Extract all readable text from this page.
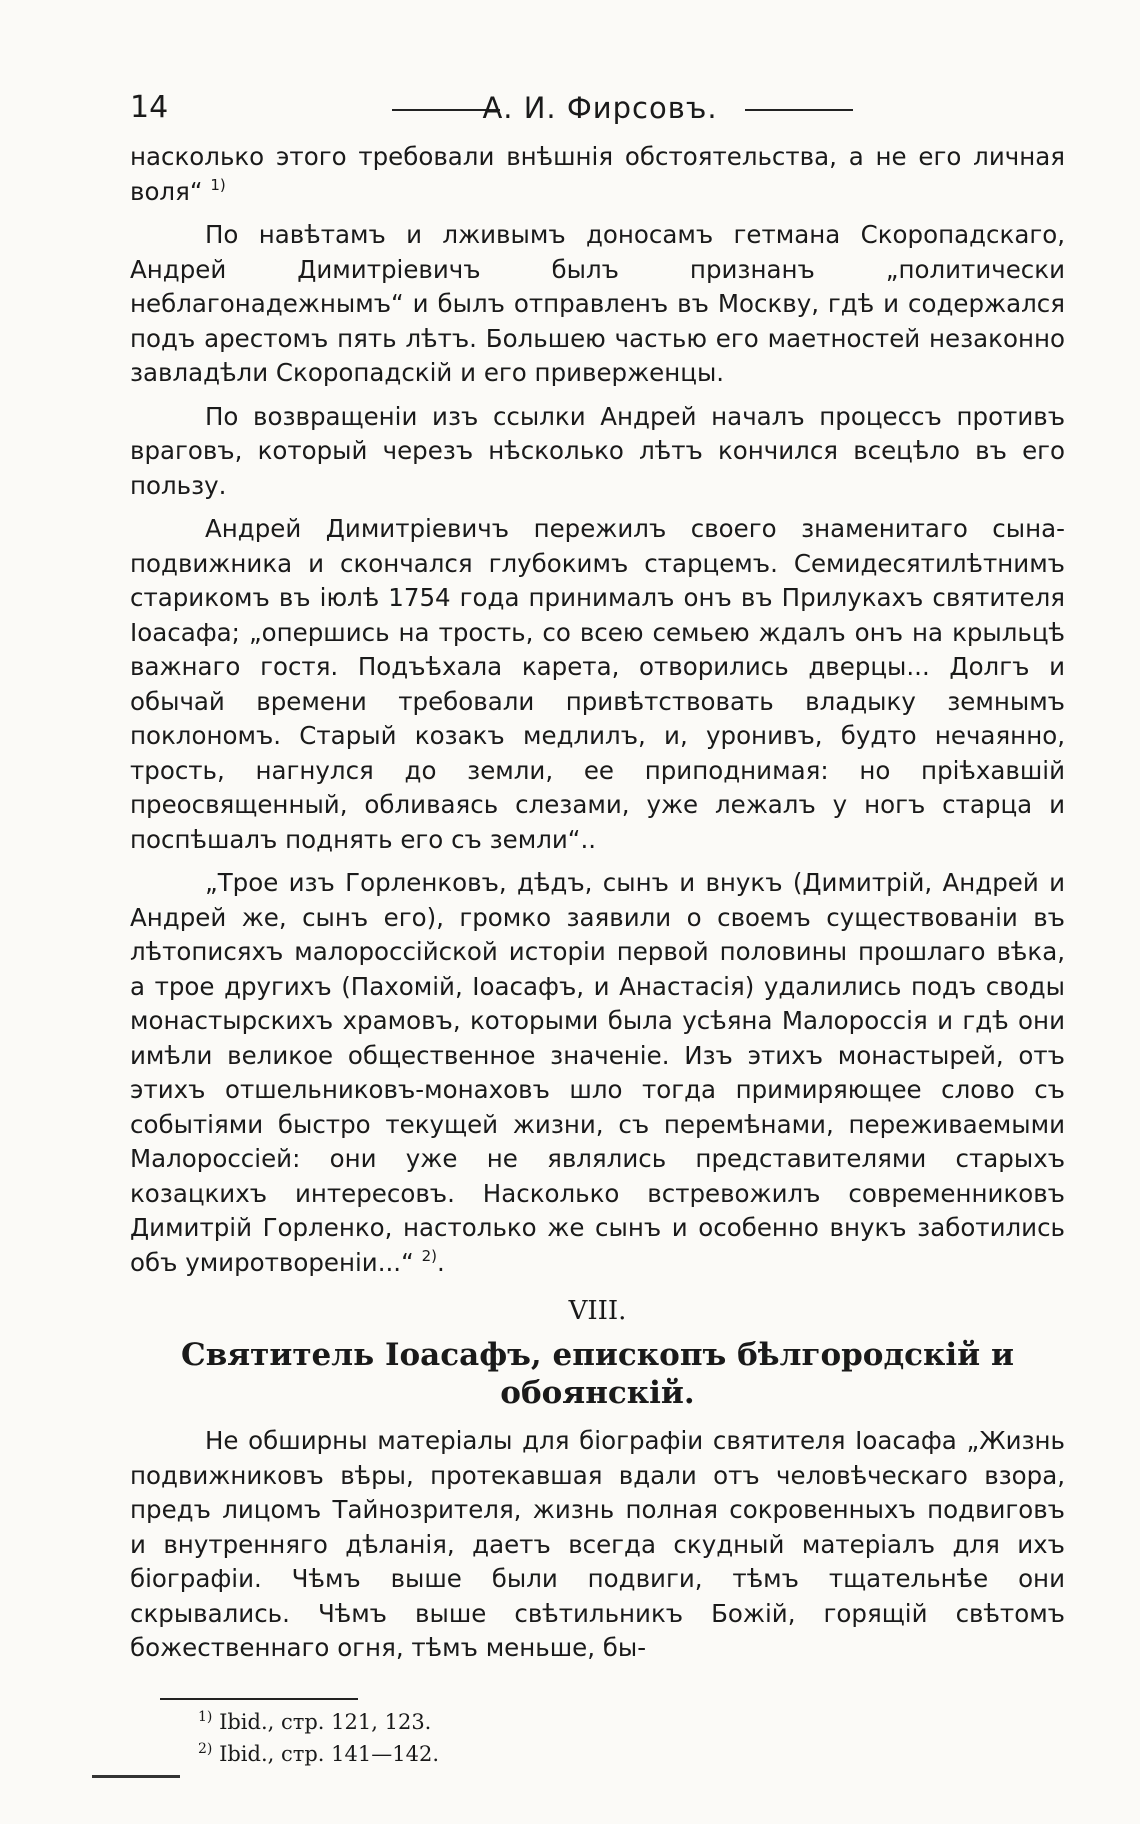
14	А. И. Фирсовъ.

насколько этого требовали внѣшнія обстоятельства, а не его личная воля“ $^{1)}$

По навѣтамъ и лживымъ доносамъ гетмана Скоропадскаго, Андрей Димитріевичъ былъ признанъ „политически неблагонадежнымъ“ и былъ отправленъ въ Москву, гдѣ и содержался подъ арестомъ пять лѣтъ. Большею частью его маетностей незаконно завладѣли Скоропадскій и его приверженцы.

По возвращеніи изъ ссылки Андрей началъ процессъ противъ враговъ, который черезъ нѣсколько лѣтъ кончился всецѣло въ его пользу.

Андрей Димитріевичъ пережилъ своего знаменитаго сына-подвижника и скончался глубокимъ старцемъ. Семидесятилѣтнимъ старикомъ въ іюлѣ 1754 года принималъ онъ въ Прилукахъ святителя Іоасафа; „опершись на трость, со всею семьею ждалъ онъ на крыльцѣ важнаго гостя. Подъѣхала карета, отворились дверцы... Долгъ и обычай времени требовали привѣтствовать владыку земнымъ поклономъ. Старый козакъ медлилъ, и, уронивъ, будто нечаянно, трость, нагнулся до земли, ее приподнимая: но пріѣхавшій преосвященный, обливаясь слезами, уже лежалъ у ногъ старца и поспѣшалъ поднять его съ земли“..

„Трое изъ Горленковъ, дѣдъ, сынъ и внукъ (Димитрій, Андрей и Андрей же, сынъ его), громко заявили о своемъ существованіи въ лѣтописяхъ малороссійской исторіи первой половины прошлаго вѣка, а трое другихъ (Пахомій, Іоасафъ, и Анастасія) удалились подъ своды монастырскихъ храмовъ, которыми была усѣяна Малороссія и гдѣ они имѣли великое общественное значеніе. Изъ этихъ монастырей, отъ этихъ отшельниковъ-монаховъ шло тогда примиряющее слово съ событіями быстро текущей жизни, съ перемѣнами, переживаемыми Малороссіей: они уже не являлись представителями старыхъ козацкихъ интересовъ. Насколько встревожилъ современниковъ Димитрій Горленко, настолько же сынъ и особенно внукъ заботились объ умиротвореніи...“ $^{2)}$.

VIII.
Святитель Іоасафъ, епископъ бѣлгородскій и обоянскій.

Не обширны матеріалы для біографіи святителя Іоасафа „Жизнь подвижниковъ вѣры, протекавшая вдали отъ человѣческаго взора, предъ лицомъ Тайнозрителя, жизнь полная сокровенныхъ подвиговъ и внутренняго дѣланія, даетъ всегда скудный матеріалъ для ихъ біографіи. Чѣмъ выше были подвиги, тѣмъ тщательнѣе они скрывались. Чѣмъ выше свѣтильникъ Божій, горящій свѣтомъ божественнаго огня, тѣмъ меньше, бы-

$^{1)}$ Ibid., стр. 121, 123.

$^{2)}$ Ibid., стр. 141—142.
